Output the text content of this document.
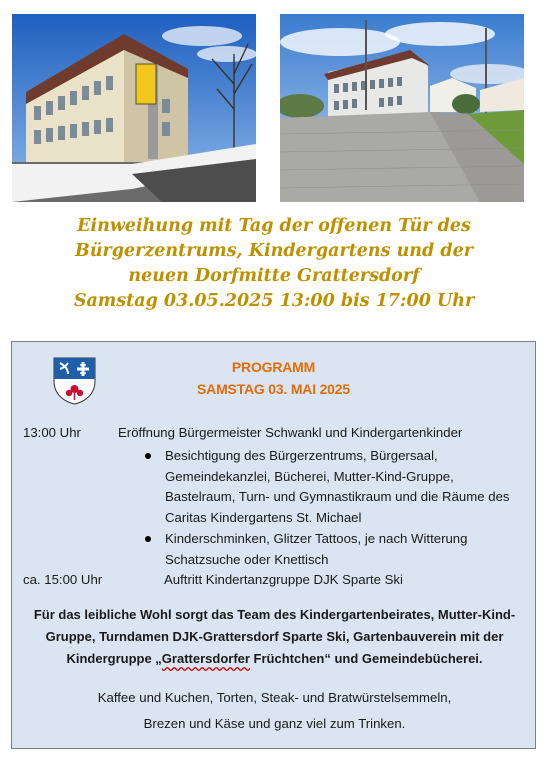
Einweihung mit Tag der offenen Tür des
Bürgerzentrums, Kindergartens und der
neuen Dorfmitte Grattersdorf
Samstag 03.05.2025 13:00 bis 17:00 Uhr
PROGRAMM
SAMSTAG 03. MAI 2025
13:00 Uhr	Eröffnung Bürgermeister Schwankl und Kindergartenkinder
Besichtigung des Bürgerzentrums, Bürgersaal, Gemeindekanzlei, Bücherei, Mutter-Kind-Gruppe, Bastelraum, Turn- und Gymnastikraum und die Räume des Caritas Kindergartens St. Michael
Kinderschminken, Glitzer Tattoos, je nach Witterung Schatzsuche oder Knettisch
ca. 15:00 Uhr	Auftritt Kindertanzgruppe DJK Sparte Ski
Für das leibliche Wohl sorgt das Team des Kindergartenbeirates, Mutter-Kind-Gruppe, Turndamen DJK-Grattersdorf Sparte Ski, Gartenbauverein mit der Kindergruppe „Grattersdorfer Früchtchen“ und Gemeindebücherei.
Kaffee und Kuchen, Torten, Steak- und Bratwürstelsemmeln,
Brezen und Käse und ganz viel zum Trinken.
